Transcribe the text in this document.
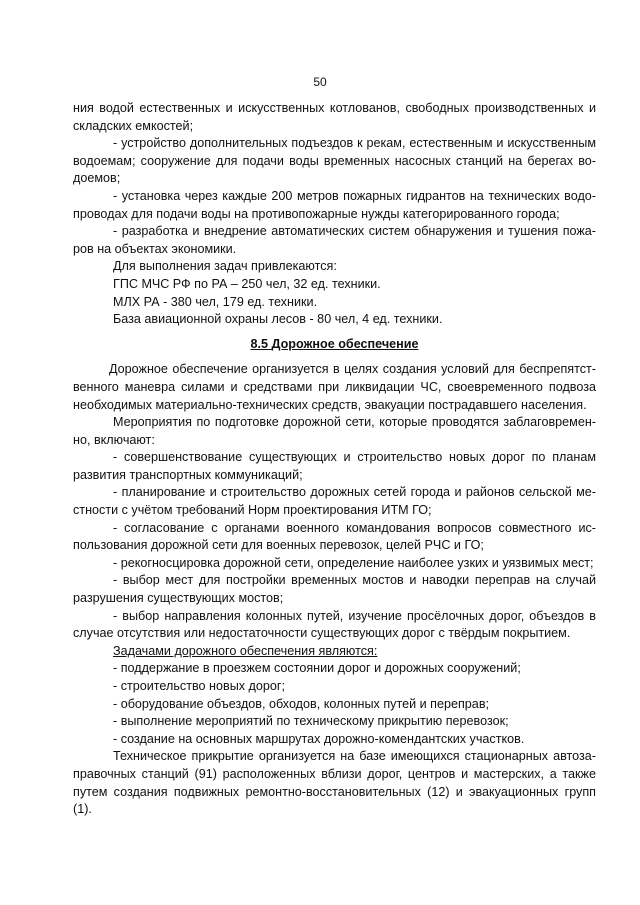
50
ния водой естественных и искусственных котлованов, свободных производственных и
складских емкостей;
- устройство дополнительных подъездов к рекам, естественным и искусственным
водоемам; сооружение для подачи воды временных насосных станций на берегах во-
доемов;
- установка через каждые 200 метров пожарных гидрантов на технических водо-
проводах для подачи воды на противопожарные нужды категорированного города;
- разработка и внедрение автоматических систем обнаружения и тушения пожа-
ров на объектах экономики.
Для выполнения задач привлекаются:
ГПС МЧС РФ по РА – 250 чел, 32 ед. техники.
МЛХ РА - 380 чел, 179 ед. техники.
База авиационной охраны лесов - 80 чел, 4 ед. техники.
8.5 Дорожное обеспечение
Дорожное обеспечение организуется в целях создания условий для беспрепятст-
венного маневра силами и средствами при ликвидации ЧС, своевременного подвоза
необходимых материально-технических средств, эвакуации пострадавшего населения.
Мероприятия по подготовке дорожной сети, которые проводятся заблаговремен-
но, включают:
- совершенствование существующих и строительство новых дорог по планам
развития транспортных коммуникаций;
- планирование и строительство дорожных сетей города и районов сельской ме-
стности с учётом требований Норм проектирования ИТМ ГО;
- согласование с органами военного командования вопросов совместного ис-
пользования дорожной сети для военных перевозок, целей РЧС и ГО;
- рекогносцировка дорожной сети, определение наиболее узких и уязвимых мест;
- выбор мест для постройки временных мостов и наводки переправ на случай
разрушения существующих мостов;
- выбор направления колонных путей, изучение просёлочных дорог, объездов в
случае отсутствия или недостаточности существующих дорог с твёрдым покрытием.
Задачами дорожного обеспечения являются:
- поддержание в проезжем состоянии дорог и дорожных сооружений;
- строительство новых дорог;
- оборудование объездов, обходов, колонных путей и переправ;
- выполнение мероприятий по техническому прикрытию перевозок;
- создание на основных маршрутах дорожно-комендантских участков.
Техническое прикрытие организуется на базе имеющихся стационарных автоза-
правочных станций (91) расположенных вблизи дорог, центров и мастерских, а также
путем создания подвижных ремонтно-восстановительных (12) и эвакуационных групп
(1).
